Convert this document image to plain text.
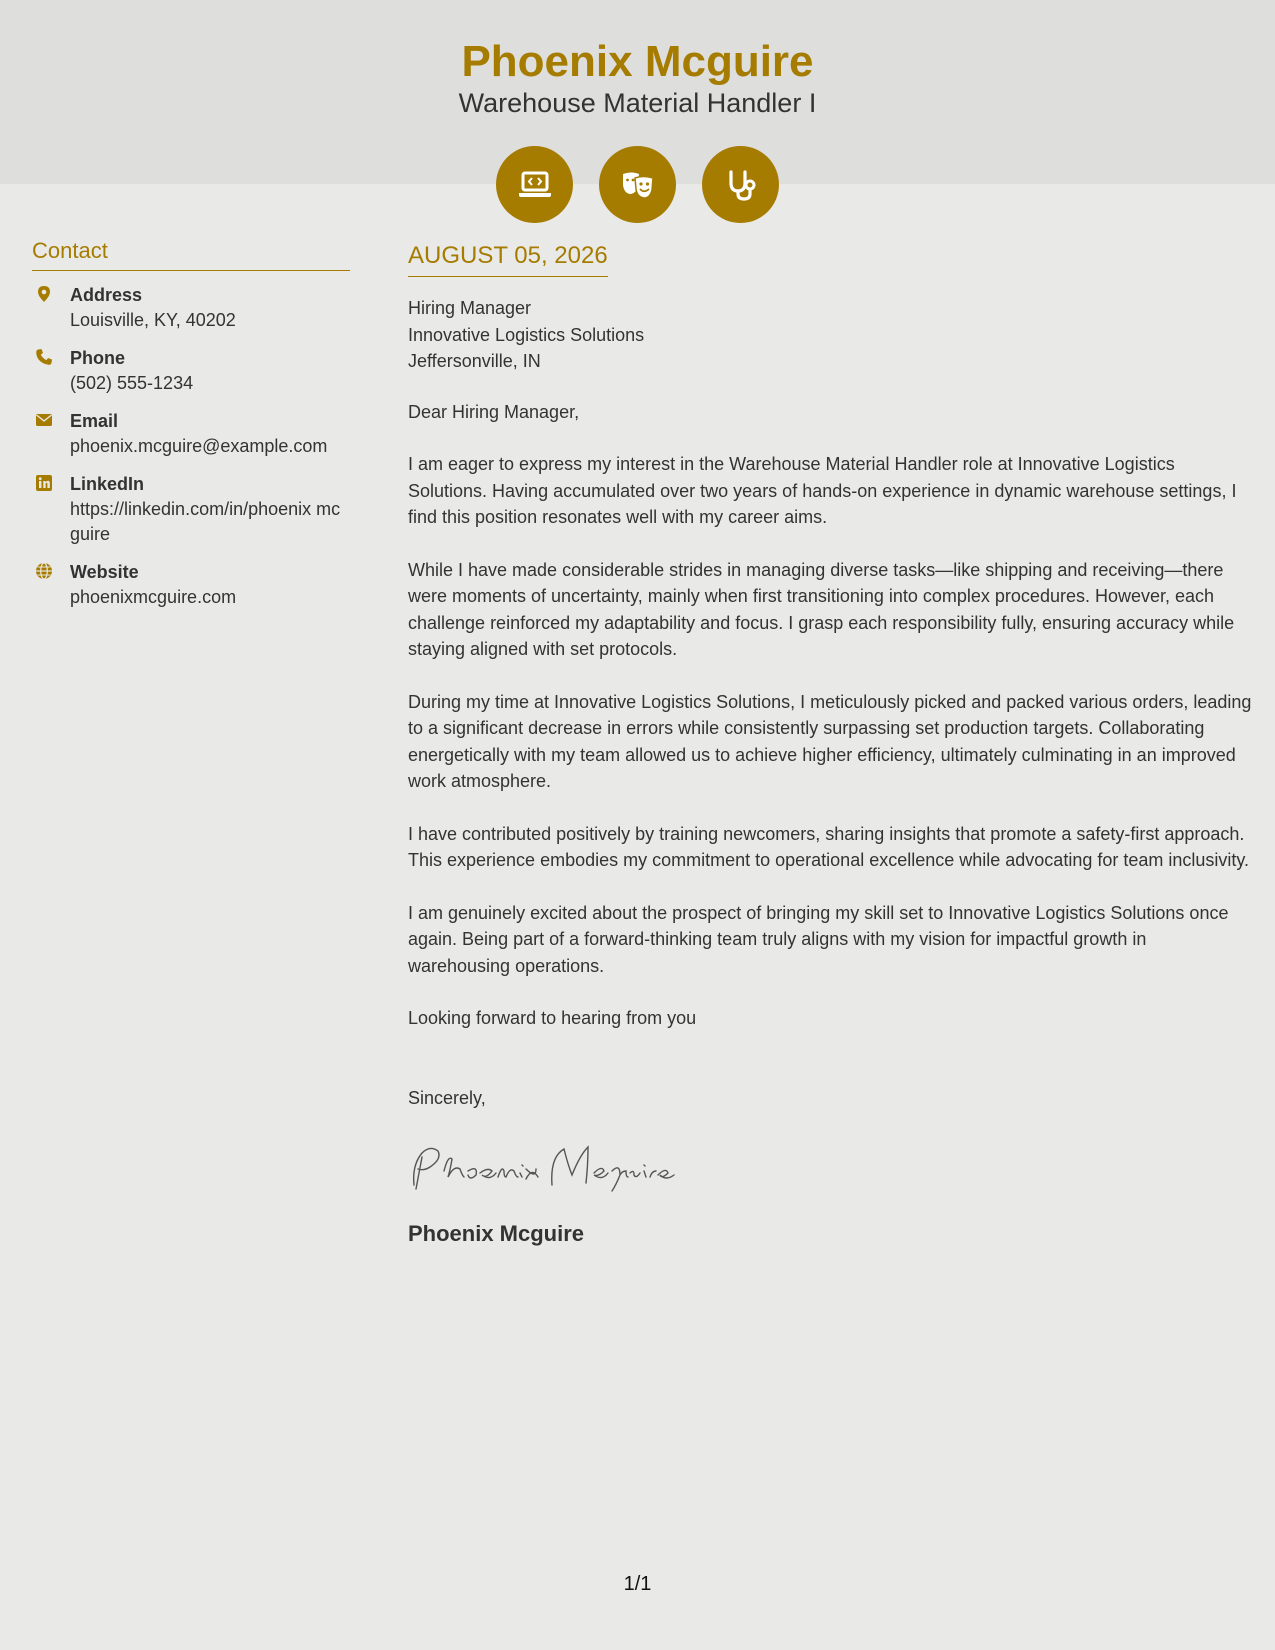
Phoenix Mcguire
Warehouse Material Handler I
Contact
Address
Louisville, KY, 40202
Phone
(502) 555-1234
Email
phoenix.mcguire@example.com
LinkedIn
https://linkedin.com/in/phoenix mcguire
Website
phoenixmcguire.com
AUGUST 05, 2026
Hiring Manager
Innovative Logistics Solutions
Jeffersonville, IN
Dear Hiring Manager,

I am eager to express my interest in the Warehouse Material Handler role at Innovative Logistics Solutions. Having accumulated over two years of hands-on experience in dynamic warehouse settings, I find this position resonates well with my career aims.

While I have made considerable strides in managing diverse tasks—like shipping and receiving—there were moments of uncertainty, mainly when first transitioning into complex procedures. However, each challenge reinforced my adaptability and focus. I grasp each responsibility fully, ensuring accuracy while staying aligned with set protocols.

During my time at Innovative Logistics Solutions, I meticulously picked and packed various orders, leading to a significant decrease in errors while consistently surpassing set production targets. Collaborating energetically with my team allowed us to achieve higher efficiency, ultimately culminating in an improved work atmosphere.

I have contributed positively by training newcomers, sharing insights that promote a safety-first approach. This experience embodies my commitment to operational excellence while advocating for team inclusivity.

I am genuinely excited about the prospect of bringing my skill set to Innovative Logistics Solutions once again. Being part of a forward-thinking team truly aligns with my vision for impactful growth in warehousing operations.

Looking forward to hearing from you

Sincerely,
Phoenix Mcguire
1/1
